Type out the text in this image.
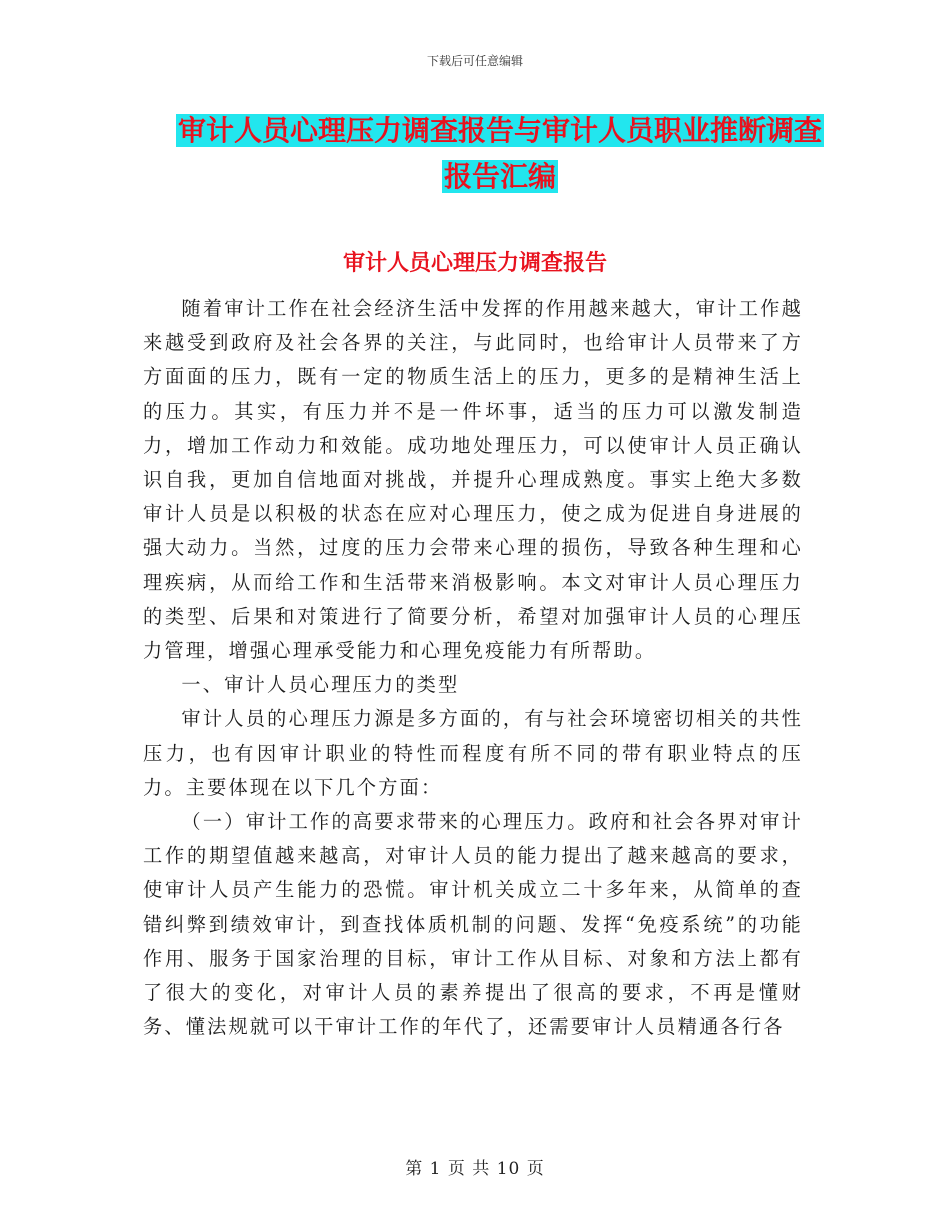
下载后可任意编辑
审计人员心理压力调查报告与审计人员职业推断调查
报告汇编
审计人员心理压力调查报告

随着审计工作在社会经济生活中发挥的作用越来越大，审计工作越来越受到政府及社会各界的关注，与此同时，也给审计人员带来了方方面面的压力，既有一定的物质生活上的压力，更多的是精神生活上的压力。其实，有压力并不是一件坏事，适当的压力可以激发制造力，增加工作动力和效能。成功地处理压力，可以使审计人员正确认识自我，更加自信地面对挑战，并提升心理成熟度。事实上绝大多数审计人员是以积极的状态在应对心理压力，使之成为促进自身进展的强大动力。当然，过度的压力会带来心理的损伤，导致各种生理和心理疾病，从而给工作和生活带来消极影响。本文对审计人员心理压力的类型、后果和对策进行了简要分析，希望对加强审计人员的心理压力管理，增强心理承受能力和心理免疫能力有所帮助。

一、审计人员心理压力的类型

审计人员的心理压力源是多方面的，有与社会环境密切相关的共性压力，也有因审计职业的特性而程度有所不同的带有职业特点的压力。主要体现在以下几个方面：

（一）审计工作的高要求带来的心理压力。政府和社会各界对审计工作的期望值越来越高，对审计人员的能力提出了越来越高的要求，使审计人员产生能力的恐慌。审计机关成立二十多年来，从简单的查错纠弊到绩效审计，到查找体质机制的问题、发挥“免疫系统”的功能作用、服务于国家治理的目标，审计工作从目标、对象和方法上都有了很大的变化，对审计人员的素养提出了很高的要求，不再是懂财务、懂法规就可以干审计工作的年代了，还需要审计人员精通各行各

第 1 页 共 10 页
